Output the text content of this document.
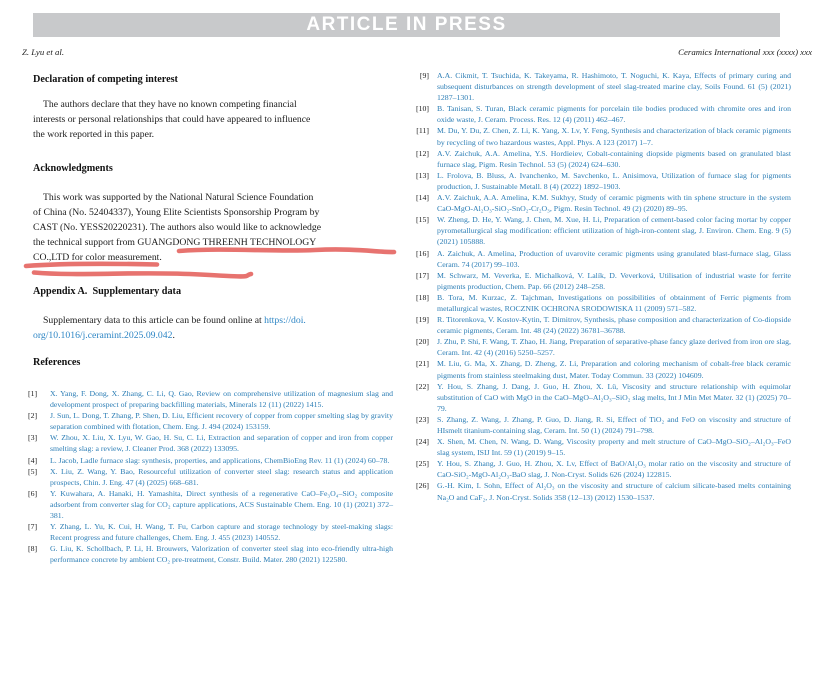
ARTICLE IN PRESS
Z. Lyu et al.	Ceramics International xxx (xxxx) xxx
Declaration of competing interest

The authors declare that they have no known competing financial
interests or personal relationships that could have appeared to influence
the work reported in this paper.

Acknowledgments

This work was supported by the National Natural Science Foundation
of China (No. 52404337), Young Elite Scientists Sponsorship Program by
CAST (No. YESS20220231). The authors also would like to acknowledge
the technical support from GUANGDONG THREENH TECHNOLOGY
CO.,LTD for color measurement.

Appendix A.  Supplementary data

Supplementary data to this article can be found online at https://doi.
org/10.1016/j.ceramint.2025.09.042.

References
[1]	X. Yang, F. Dong, X. Zhang, C. Li, Q. Gao, Review on comprehensive utilization of magnesium slag and development prospect of preparing backfilling materials, Minerals 12 (11) (2022) 1415.
[2]	J. Sun, L. Dong, T. Zhang, P. Shen, D. Liu, Efficient recovery of copper from copper smelting slag by gravity separation combined with flotation, Chem. Eng. J. 494 (2024) 153159.
[3]	W. Zhou, X. Liu, X. Lyu, W. Gao, H. Su, C. Li, Extraction and separation of copper and iron from copper smelting slag: a review, J. Cleaner Prod. 368 (2022) 133095.
[4]	L. Jacob, Ladle furnace slag: synthesis, properties, and applications, ChemBioEng Rev. 11 (1) (2024) 60–78.
[5]	X. Liu, Z. Wang, Y. Bao, Resourceful utilization of converter steel slag: research status and application prospects, Chin. J. Eng. 47 (4) (2025) 668–681.
[6]	Y. Kuwahara, A. Hanaki, H. Yamashita, Direct synthesis of a regenerative CaO–Fe₃O₄–SiO₂ composite adsorbent from converter slag for CO₂ capture applications, ACS Sustainable Chem. Eng. 10 (1) (2021) 372–381.
[7]	Y. Zhang, L. Yu, K. Cui, H. Wang, T. Fu, Carbon capture and storage technology by steel-making slags: Recent progress and future challenges, Chem. Eng. J. 455 (2023) 140552.
[8]	G. Liu, K. Schollbach, P. Li, H. Brouwers, Valorization of converter steel slag into eco-friendly ultra-high performance concrete by ambient CO₂ pre-treatment, Constr. Build. Mater. 280 (2021) 122580.
[9] A.A. Cikmit, T. Tsuchida, K. Takeyama, R. Hashimoto, T. Noguchi, K. Kaya, Effects of primary curing and subsequent disturbances on strength development of steel slag-treated marine clay, Soils Found. 61 (5) (2021) 1287–1301.
[10] B. Tanisan, S. Turan, Black ceramic pigments for porcelain tile bodies produced with chromite ores and iron oxide waste, J. Ceram. Process. Res. 12 (4) (2011) 462–467.
[11] M. Du, Y. Du, Z. Chen, Z. Li, K. Yang, X. Lv, Y. Feng, Synthesis and characterization of black ceramic pigments by recycling of two hazardous wastes, Appl. Phys. A 123 (2017) 1–7.
[12] A.V. Zaichuk, A.A. Amelina, Y.S. Hordieiev, Cobalt-containing diopside pigments based on granulated blast furnace slag, Pigm. Resin Technol. 53 (5) (2024) 624–630.
[13] L. Frolova, B. Bluss, A. Ivanchenko, M. Savchenko, L. Anisimova, Utilization of furnace slag for pigments production, J. Sustainable Metall. 8 (4) (2022) 1892–1903.
[14] A.V. Zaichuk, A.A. Amelina, K.M. Sukhyy, Study of ceramic pigments with tin sphene structure in the system CaO-MgO-Al₂O₃-SiO₂-SnO₂-Cr₂O₃, Pigm. Resin Technol. 49 (2) (2020) 89–95.
[15] W. Zheng, D. He, Y. Wang, J. Chen, M. Xue, H. Li, Preparation of cement-based color facing mortar by copper pyrometallurgical slag modification: efficient utilization of high-iron-content slag, J. Environ. Chem. Eng. 9 (5) (2021) 105888.
[16] A. Zaichuk, A. Amelina, Production of uvarovite ceramic pigments using granulated blast-furnace slag, Glass Ceram. 74 (2017) 99–103.
[17] M. Schwarz, M. Veverka, E. Michalková, V. Lalík, D. Veverková, Utilisation of industrial waste for ferrite pigments production, Chem. Pap. 66 (2012) 248–258.
[18] B. Tora, M. Kurzac, Z. Tajchman, Investigations on possibilities of obtainment of Ferric pigments from metallurgical wastes, ROCZNIK OCHRONA SRODOWISKA 11 (2009) 571–582.
[19] R. Titorenkova, V. Kostov-Kytin, T. Dimitrov, Synthesis, phase composition and characterization of Co-diopside ceramic pigments, Ceram. Int. 48 (24) (2022) 36781–36788.
[20] J. Zhu, P. Shi, F. Wang, T. Zhao, H. Jiang, Preparation of separative-phase fancy glaze derived from iron ore slag, Ceram. Int. 42 (4) (2016) 5250–5257.
[21] M. Liu, G. Ma, X. Zhang, D. Zheng, Z. Li, Preparation and coloring mechanism of cobalt-free black ceramic pigments from stainless steelmaking dust, Mater. Today Commun. 33 (2022) 104609.
[22] Y. Hou, S. Zhang, J. Dang, J. Guo, H. Zhou, X. Lü, Viscosity and structure relationship with equimolar substitution of CaO with MgO in the CaO–MgO–Al₂O₃–SiO₂ slag melts, Int J Min Met Mater. 32 (1) (2025) 70–79.
[23] S. Zhang, Z. Wang, J. Zhang, P. Guo, D. Jiang, R. Si, Effect of TiO₂ and FeO on viscosity and structure of HIsmelt titanium-containing slag, Ceram. Int. 50 (1) (2024) 791–798.
[24] X. Shen, M. Chen, N. Wang, D. Wang, Viscosity property and melt structure of CaO–MgO–SiO₂–Al₂O₃–FeO slag system, ISIJ Int. 59 (1) (2019) 9–15.
[25] Y. Hou, S. Zhang, J. Guo, H. Zhou, X. Lv, Effect of BaO/Al₂O₃ molar ratio on the viscosity and structure of CaO-SiO₂-MgO-Al₂O₃-BaO slag, J. Non-Cryst. Solids 626 (2024) 122815.
[26] G.-H. Kim, I. Sohn, Effect of Al₂O₃ on the viscosity and structure of calcium silicate-based melts containing Na₂O and CaF₂, J. Non-Cryst. Solids 358 (12–13) (2012) 1530–1537.
